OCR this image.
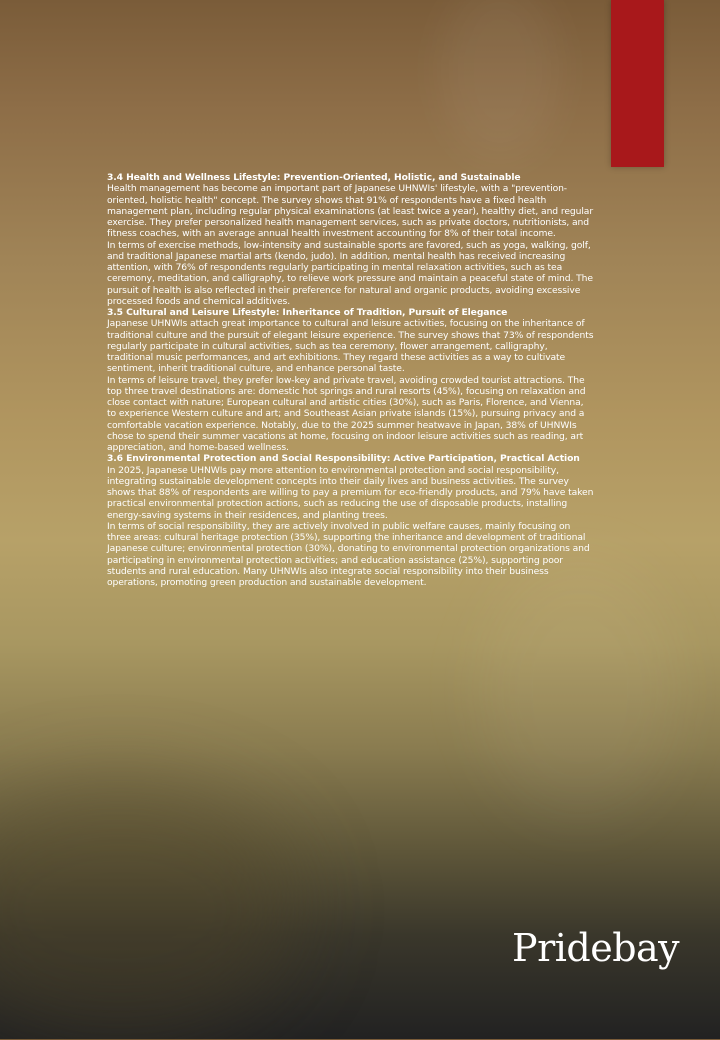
3.4 Health and Wellness Lifestyle: Prevention-Oriented, Holistic, and Sustainable

Health management has become an important part of Japanese UHNWIs' lifestyle, with a "prevention-oriented, holistic health" concept. The survey shows that 91% of respondents have a fixed health management plan, including regular physical examinations (at least twice a year), healthy diet, and regular exercise. They prefer personalized health management services, such as private doctors, nutritionists, and fitness coaches, with an average annual health investment accounting for 8% of their total income.

In terms of exercise methods, low-intensity and sustainable sports are favored, such as yoga, walking, golf, and traditional Japanese martial arts (kendo, judo). In addition, mental health has received increasing attention, with 76% of respondents regularly participating in mental relaxation activities, such as tea ceremony, meditation, and calligraphy, to relieve work pressure and maintain a peaceful state of mind. The pursuit of health is also reflected in their preference for natural and organic products, avoiding excessive processed foods and chemical additives.

3.5 Cultural and Leisure Lifestyle: Inheritance of Tradition, Pursuit of Elegance

Japanese UHNWIs attach great importance to cultural and leisure activities, focusing on the inheritance of traditional culture and the pursuit of elegant leisure experience. The survey shows that 73% of respondents regularly participate in cultural activities, such as tea ceremony, flower arrangement, calligraphy, traditional music performances, and art exhibitions. They regard these activities as a way to cultivate sentiment, inherit traditional culture, and enhance personal taste.

In terms of leisure travel, they prefer low-key and private travel, avoiding crowded tourist attractions. The top three travel destinations are: domestic hot springs and rural resorts (45%), focusing on relaxation and close contact with nature; European cultural and artistic cities (30%), such as Paris, Florence, and Vienna, to experience Western culture and art; and Southeast Asian private islands (15%), pursuing privacy and a comfortable vacation experience. Notably, due to the 2025 summer heatwave in Japan, 38% of UHNWIs chose to spend their summer vacations at home, focusing on indoor leisure activities such as reading, art appreciation, and home-based wellness.

3.6 Environmental Protection and Social Responsibility: Active Participation, Practical Action

In 2025, Japanese UHNWIs pay more attention to environmental protection and social responsibility, integrating sustainable development concepts into their daily lives and business activities. The survey shows that 88% of respondents are willing to pay a premium for eco-friendly products, and 79% have taken practical environmental protection actions, such as reducing the use of disposable products, installing energy-saving systems in their residences, and planting trees.

In terms of social responsibility, they are actively involved in public welfare causes, mainly focusing on three areas: cultural heritage protection (35%), supporting the inheritance and development of traditional Japanese culture; environmental protection (30%), donating to environmental protection organizations and participating in environmental protection activities; and education assistance (25%), supporting poor students and rural education. Many UHNWIs also integrate social responsibility into their business operations, promoting green production and sustainable development.

Pridebay
